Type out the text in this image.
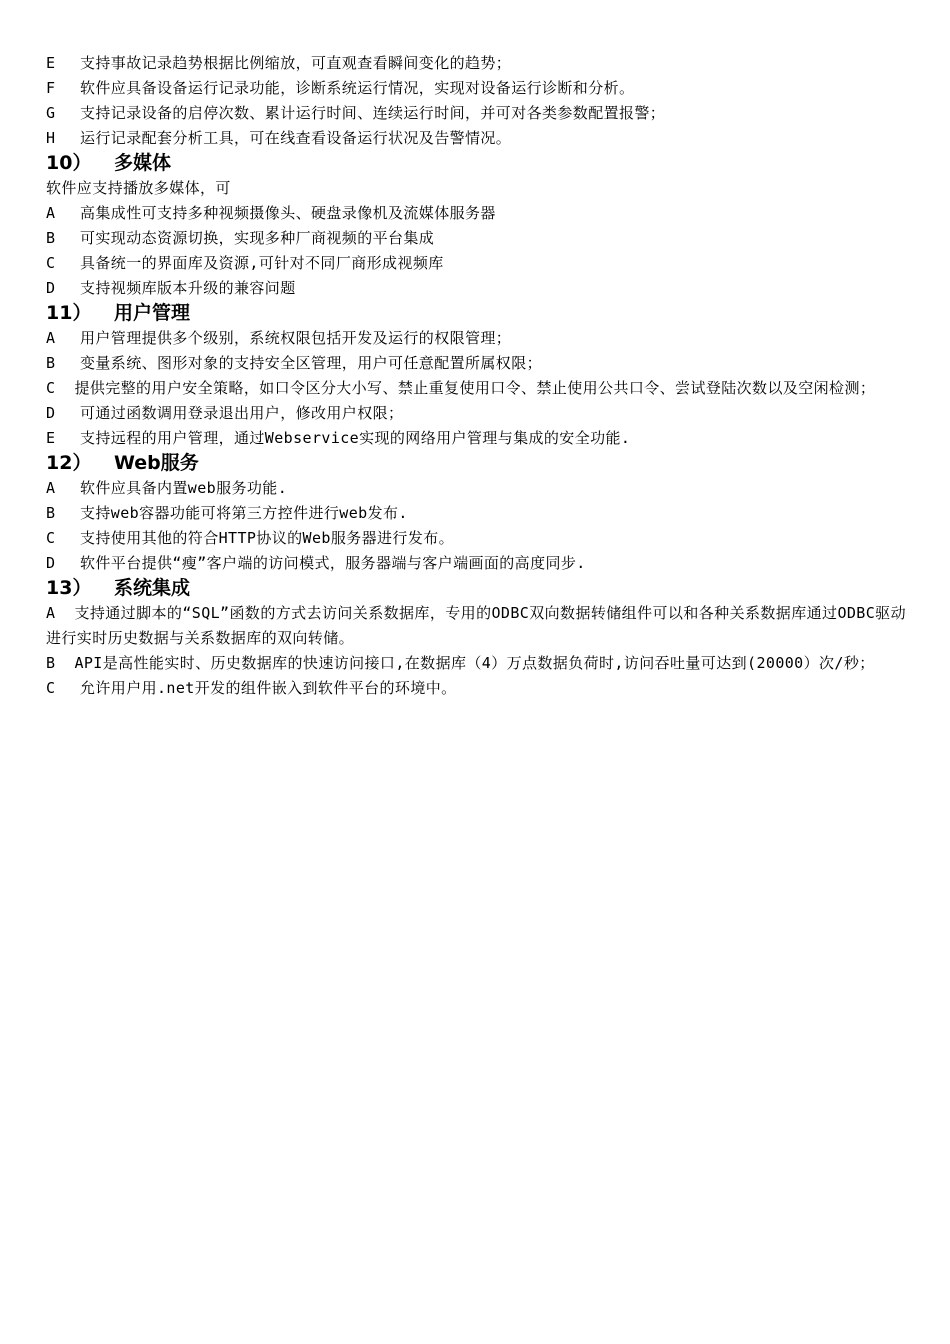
E	支持事故记录趋势根据比例缩放，可直观查看瞬间变化的趋势；
F	软件应具备设备运行记录功能，诊断系统运行情况，实现对设备运行诊断和分析。
G	支持记录设备的启停次数、累计运行时间、连续运行时间，并可对各类参数配置报警；
H	运行记录配套分析工具，可在线查看设备运行状况及告警情况。
10）	多媒体
软件应支持播放多媒体，可
A	高集成性可支持多种视频摄像头、硬盘录像机及流媒体服务器
B	可实现动态资源切换，实现多种厂商视频的平台集成
C	具备统一的界面库及资源,可针对不同厂商形成视频库
D	支持视频库版本升级的兼容问题
11）	用户管理
A	用户管理提供多个级别，系统权限包括开发及运行的权限管理；
B	变量系统、图形对象的支持安全区管理，用户可任意配置所属权限；
C 提供完整的用户安全策略，如口令区分大小写、禁止重复使用口令、禁止使用公共口令、尝试登陆次数以及空闲检测；
D	可通过函数调用登录退出用户，修改用户权限；
E	支持远程的用户管理，通过Webservice实现的网络用户管理与集成的安全功能.
12）	Web服务
A	软件应具备内置web服务功能.
B	支持web容器功能可将第三方控件进行web发布.
C	支持使用其他的符合HTTP协议的Web服务器进行发布。
D	软件平台提供“瘦”客户端的访问模式，服务器端与客户端画面的高度同步.
13）	系统集成
A 支持通过脚本的“SQL”函数的方式去访问关系数据库，专用的ODBC双向数据转储组件可以和各种关系数据库通过ODBC驱动进行实时历史数据与关系数据库的双向转储。
B API是高性能实时、历史数据库的快速访问接口,在数据库（4）万点数据负荷时,访问吞吐量可达到(20000）次/秒；
C	允许用户用.net开发的组件嵌入到软件平台的环境中。
